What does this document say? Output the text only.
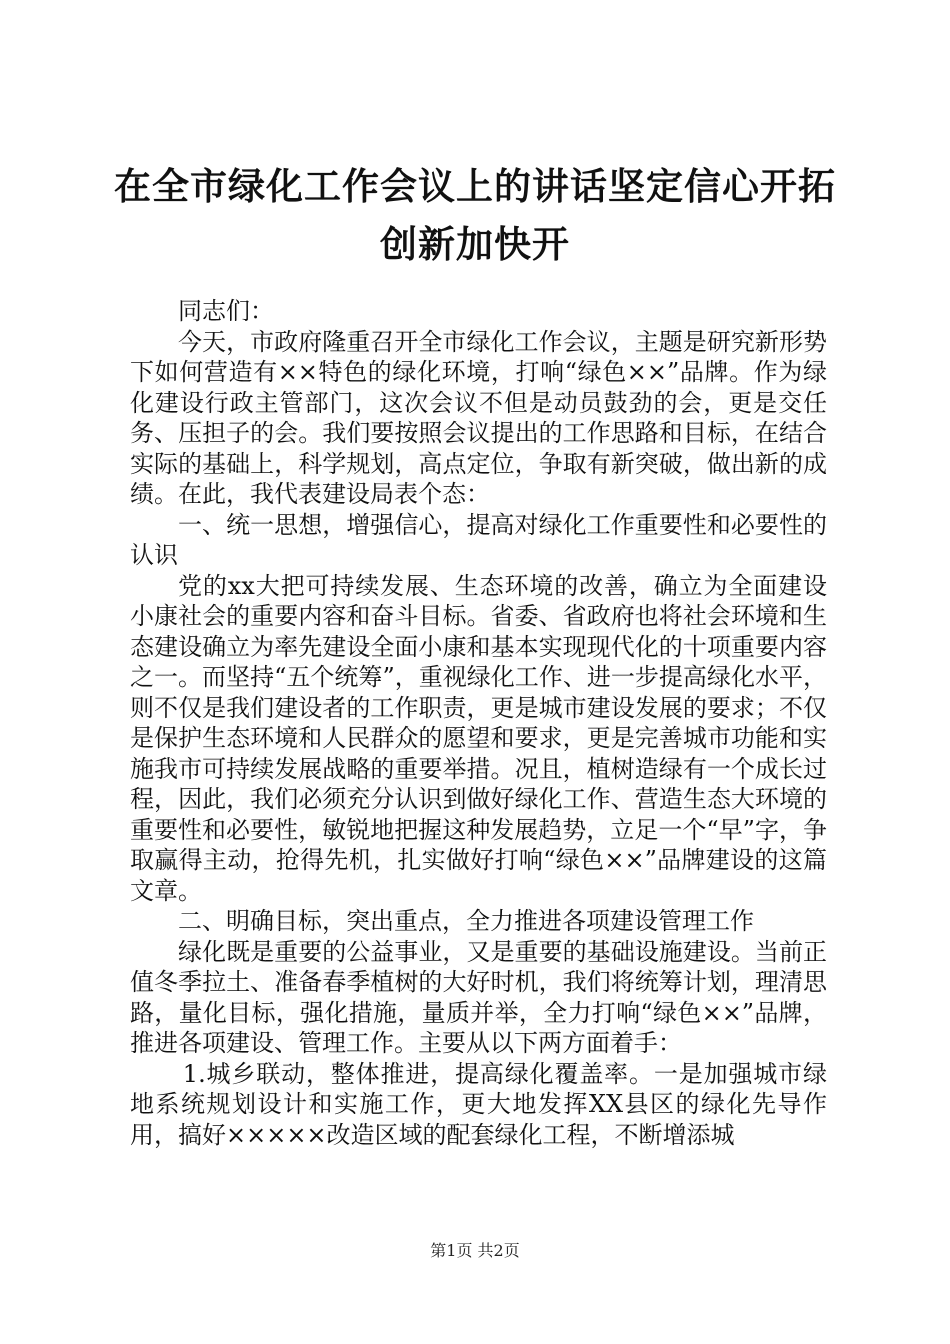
在全市绿化工作会议上的讲话坚定信心开拓创新加快开

同志们：

今天，市政府隆重召开全市绿化工作会议，主题是研究新形势下如何营造有××特色的绿化环境，打响“绿色××”品牌。作为绿化建设行政主管部门，这次会议不但是动员鼓劲的会，更是交任务、压担子的会。我们要按照会议提出的工作思路和目标，在结合实际的基础上，科学规划，高点定位，争取有新突破，做出新的成绩。在此，我代表建设局表个态：

一、统一思想，增强信心，提高对绿化工作重要性和必要性的认识

党的xx大把可持续发展、生态环境的改善，确立为全面建设小康社会的重要内容和奋斗目标。省委、省政府也将社会环境和生态建设确立为率先建设全面小康和基本实现现代化的十项重要内容之一。而坚持“五个统筹”，重视绿化工作、进一步提高绿化水平，则不仅是我们建设者的工作职责，更是城市建设发展的要求；不仅是保护生态环境和人民群众的愿望和要求，更是完善城市功能和实施我市可持续发展战略的重要举措。况且，植树造绿有一个成长过程，因此，我们必须充分认识到做好绿化工作、营造生态大环境的重要性和必要性，敏锐地把握这种发展趋势，立足一个“早”字，争取赢得主动，抢得先机，扎实做好打响“绿色××”品牌建设的这篇文章。

二、明确目标，突出重点，全力推进各项建设管理工作

绿化既是重要的公益事业，又是重要的基础设施建设。当前正值冬季拉土、准备春季植树的大好时机，我们将统筹计划，理清思路，量化目标，强化措施，量质并举，全力打响“绿色××”品牌，推进各项建设、管理工作。主要从以下两方面着手：

1.城乡联动，整体推进，提高绿化覆盖率。一是加强城市绿地系统规划设计和实施工作，更大地发挥XX县区的绿化先导作用，搞好×××××改造区域的配套绿化工程，不断增添城

第1页 共2页
